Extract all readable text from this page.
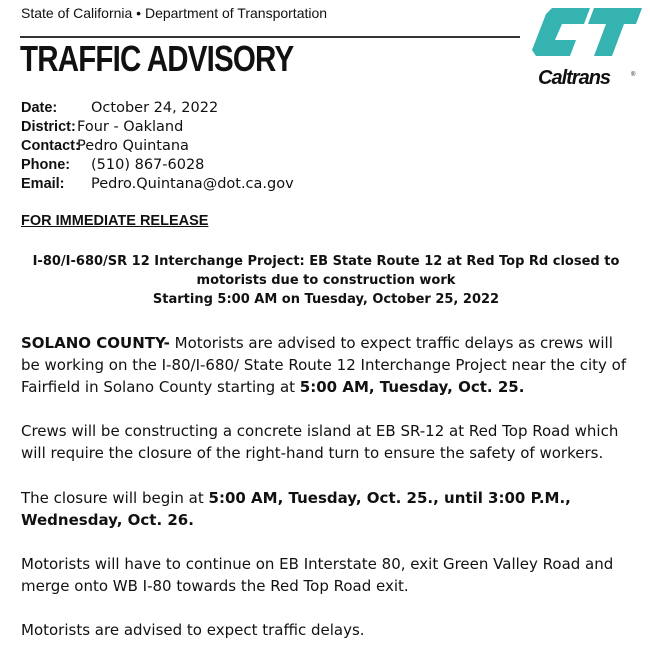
State of California • Department of Transportation
TRAFFIC ADVISORY	Caltrans	®
Date: October 24, 2022
District:Four - Oakland
Contact:Pedro Quintana
Phone: (510) 867-6028
Email: Pedro.Quintana@dot.ca.gov
FOR IMMEDIATE RELEASE
I-80/I-680/SR 12 Interchange Project: EB State Route 12 at Red Top Rd closed to
motorists due to construction work
Starting 5:00 AM on Tuesday, October 25, 2022
SOLANO COUNTY- Motorists are advised to expect traffic delays as crews will be working on the I-80/I-680/ State Route 12 Interchange Project near the city of Fairfield in Solano County starting at 5:00 AM, Tuesday, Oct. 25.
Crews will be constructing a concrete island at EB SR-12 at Red Top Road which will require the closure of the right-hand turn to ensure the safety of workers.
The closure will begin at 5:00 AM, Tuesday, Oct. 25., until 3:00 P.M., Wednesday, Oct. 26.
Motorists will have to continue on EB Interstate 80, exit Green Valley Road and merge onto WB I-80 towards the Red Top Road exit.
Motorists are advised to expect traffic delays.
